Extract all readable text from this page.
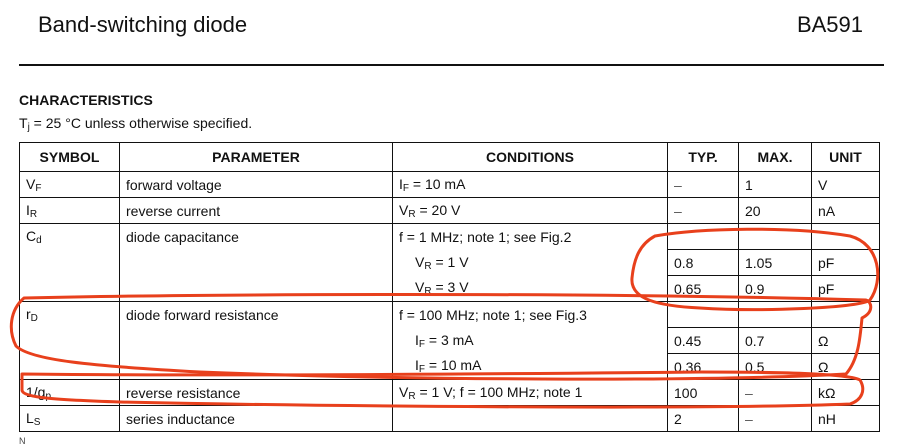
Band-switching diode	BA591
CHARACTERISTICS
$T_j = 25$ °C unless otherwise specified.
SYMBOL	PARAMETER	CONDITIONS	TYP.	MAX.	UNIT
$V_F$	forward voltage	$I_F = 10$ mA	–	1	V
$I_R$	reverse current	$V_R = 20$ V	–	20	nA
$C_d$	diode capacitance	f = 1 MHz; note 1; see Fig.2			
		$V_R = 1$ V	0.8	1.05	pF
		$V_R = 3$ V	0.65	0.9	pF
$r_D$	diode forward resistance	f = 100 MHz; note 1; see Fig.3			
		$I_F = 3$ mA	0.45	0.7	Ω
		$I_F = 10$ mA	0.36	0.5	Ω
$1/g_p$	reverse resistance	$V_R = 1$ V; f = 100 MHz; note 1	100	–	kΩ
$L_S$	series inductance		2	–	nH
N
